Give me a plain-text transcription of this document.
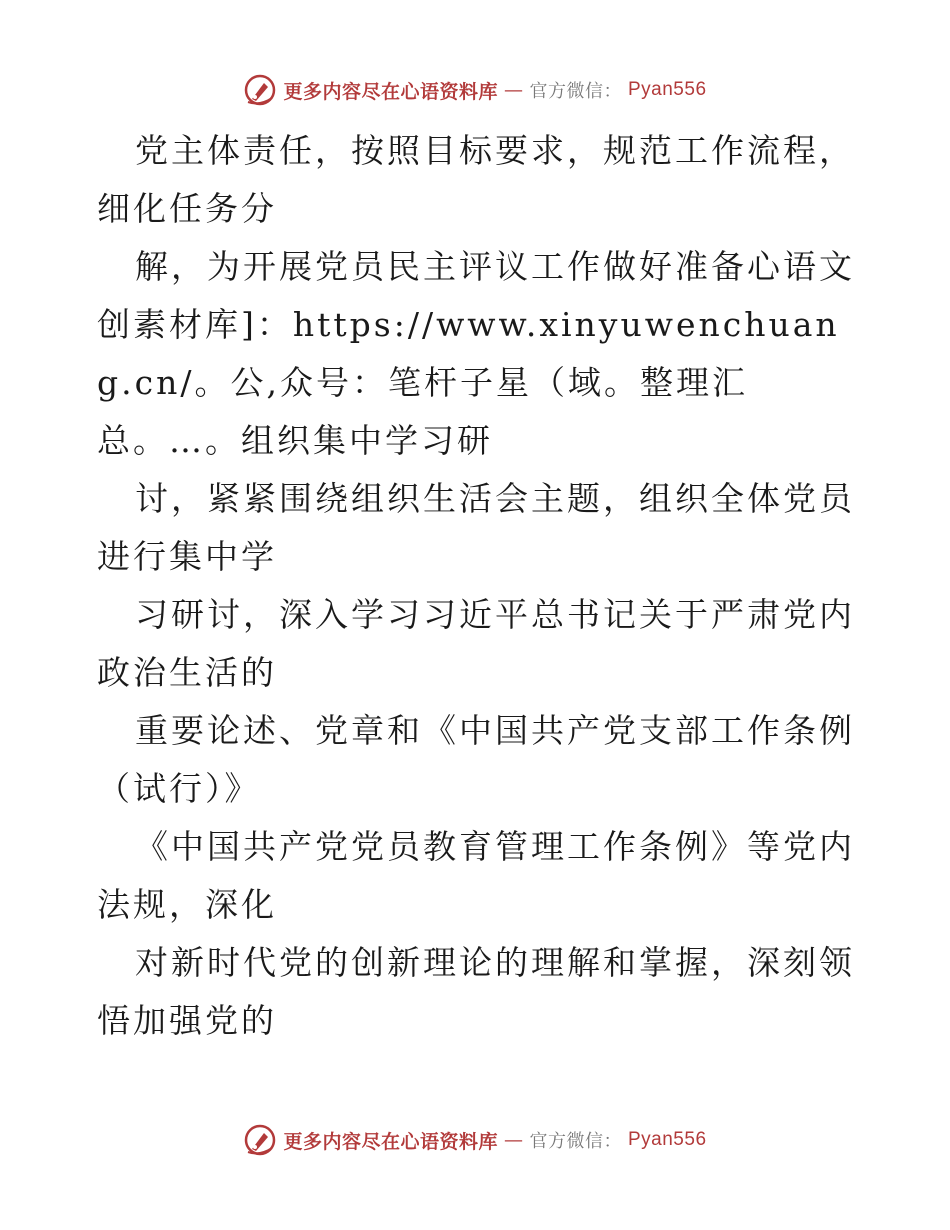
更多内容尽在心语资料库 — 官方微信： Pyan556

党主体责任，按照目标要求，规范工作流程，细化任务分

解，为开展党员民主评议工作做好准备心语文创素材库]：https://www.xinyuwenchuang.cn/。公,众号：笔杆子星（域。整理汇总。…。组织集中学习研

讨，紧紧围绕组织生活会主题，组织全体党员进行集中学

习研讨，深入学习习近平总书记关于严肃党内政治生活的

重要论述、党章和《中国共产党支部工作条例（试行）》

《中国共产党党员教育管理工作条例》等党内法规，深化

对新时代党的创新理论的理解和掌握，深刻领悟加强党的

更多内容尽在心语资料库 — 官方微信： Pyan556
